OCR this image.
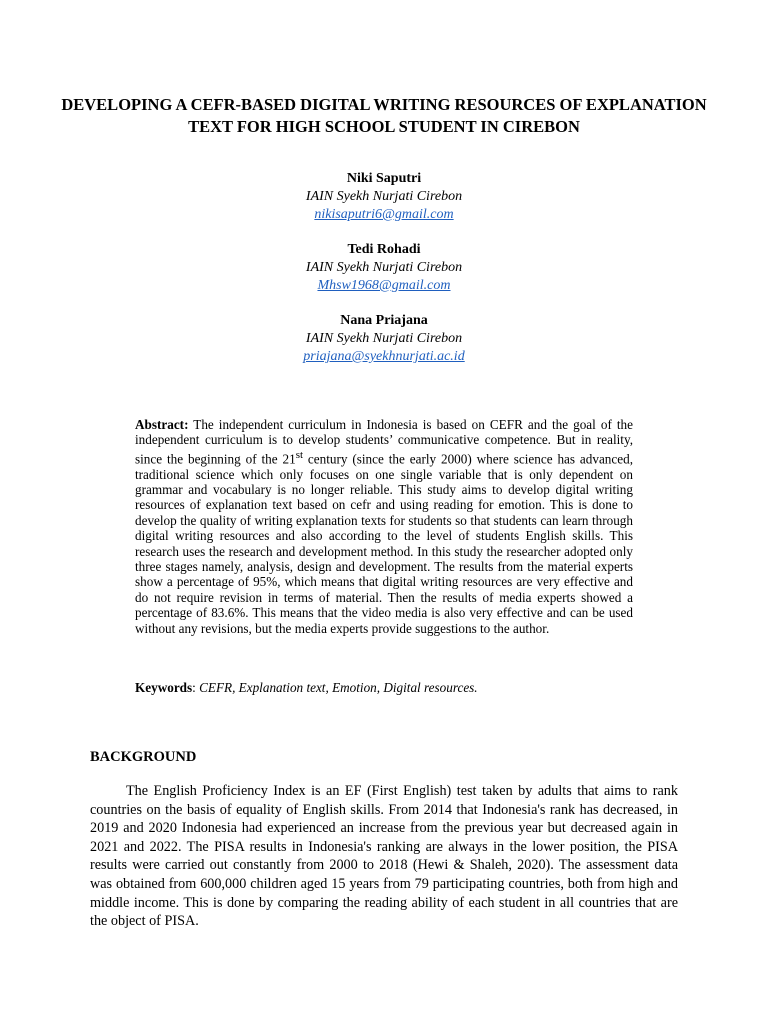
DEVELOPING A CEFR-BASED DIGITAL WRITING RESOURCES OF EXPLANATION TEXT FOR HIGH SCHOOL STUDENT IN CIREBON
Niki Saputri
IAIN Syekh Nurjati Cirebon
nikisaputri6@gmail.com
Tedi Rohadi
IAIN Syekh Nurjati Cirebon
Mhsw1968@gmail.com
Nana Priajana
IAIN Syekh Nurjati Cirebon
priajana@syekhnurjati.ac.id

Abstract: The independent curriculum in Indonesia is based on CEFR and the goal of the independent curriculum is to develop students’ communicative competence. But in reality, since the beginning of the 21st century (since the early 2000) where science has advanced, traditional science which only focuses on one single variable that is only dependent on grammar and vocabulary is no longer reliable. This study aims to develop digital writing resources of explanation text based on cefr and using reading for emotion. This is done to develop the quality of writing explanation texts for students so that students can learn through digital writing resources and also according to the level of students English skills. This research uses the research and development method. In this study the researcher adopted only three stages namely, analysis, design and development. The results from the material experts show a percentage of 95%, which means that digital writing resources are very effective and do not require revision in terms of material. Then the results of media experts showed a percentage of 83.6%. This means that the video media is also very effective and can be used without any revisions, but the media experts provide suggestions to the author.

Keywords: CEFR, Explanation text, Emotion, Digital resources.

BACKGROUND

The English Proficiency Index is an EF (First English) test taken by adults that aims to rank countries on the basis of equality of English skills. From 2014 that Indonesia's rank has decreased, in 2019 and 2020 Indonesia had experienced an increase from the previous year but decreased again in 2021 and 2022. The PISA results in Indonesia's ranking are always in the lower position, the PISA results were carried out constantly from 2000 to 2018 (Hewi & Shaleh, 2020). The assessment data was obtained from 600,000 children aged 15 years from 79 participating countries, both from high and middle income. This is done by comparing the reading ability of each student in all countries that are the object of PISA.
